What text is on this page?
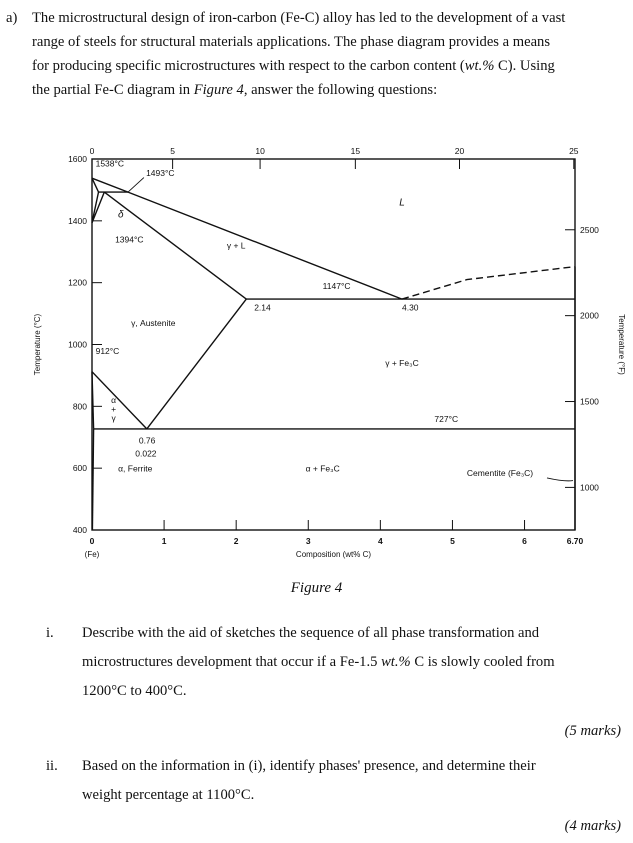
a) The microstructural design of iron-carbon (Fe-C) alloy has led to the development of a vast
range of steels for structural materials applications. The phase diagram provides a means
for producing specific microstructures with respect to the carbon content (wt.% C). Using
the partial Fe-C diagram in Figure 4, answer the following questions:
400
600
800
1000
1200
1400
1600
1000
1500
2000
2500
0	1	2	3	4	5	6	6.70
(Fe)
0	5	10	15	20	25
Composition (wt% C)
Temperature (°C)	Temperature (°F)
L
γ + L
δ
γ, Austenite
γ + Fe₃C
α + Fe₃C
α, Ferrite
1538°C
1493°C
1394°C
912°C
1147°C
727°C
2.14	4.30
0.76
0.022
α + γ
Cementite (Fe₃C)
Figure 4
i. Describe with the aid of sketches the sequence of all phase transformation and
microstructures development that occur if a Fe-1.5 wt.% C is slowly cooled from
1200°C to 400°C.
(5 marks)
ii. Based on the information in (i), identify phases' presence, and determine their
weight percentage at 1100°C.
(4 marks)
